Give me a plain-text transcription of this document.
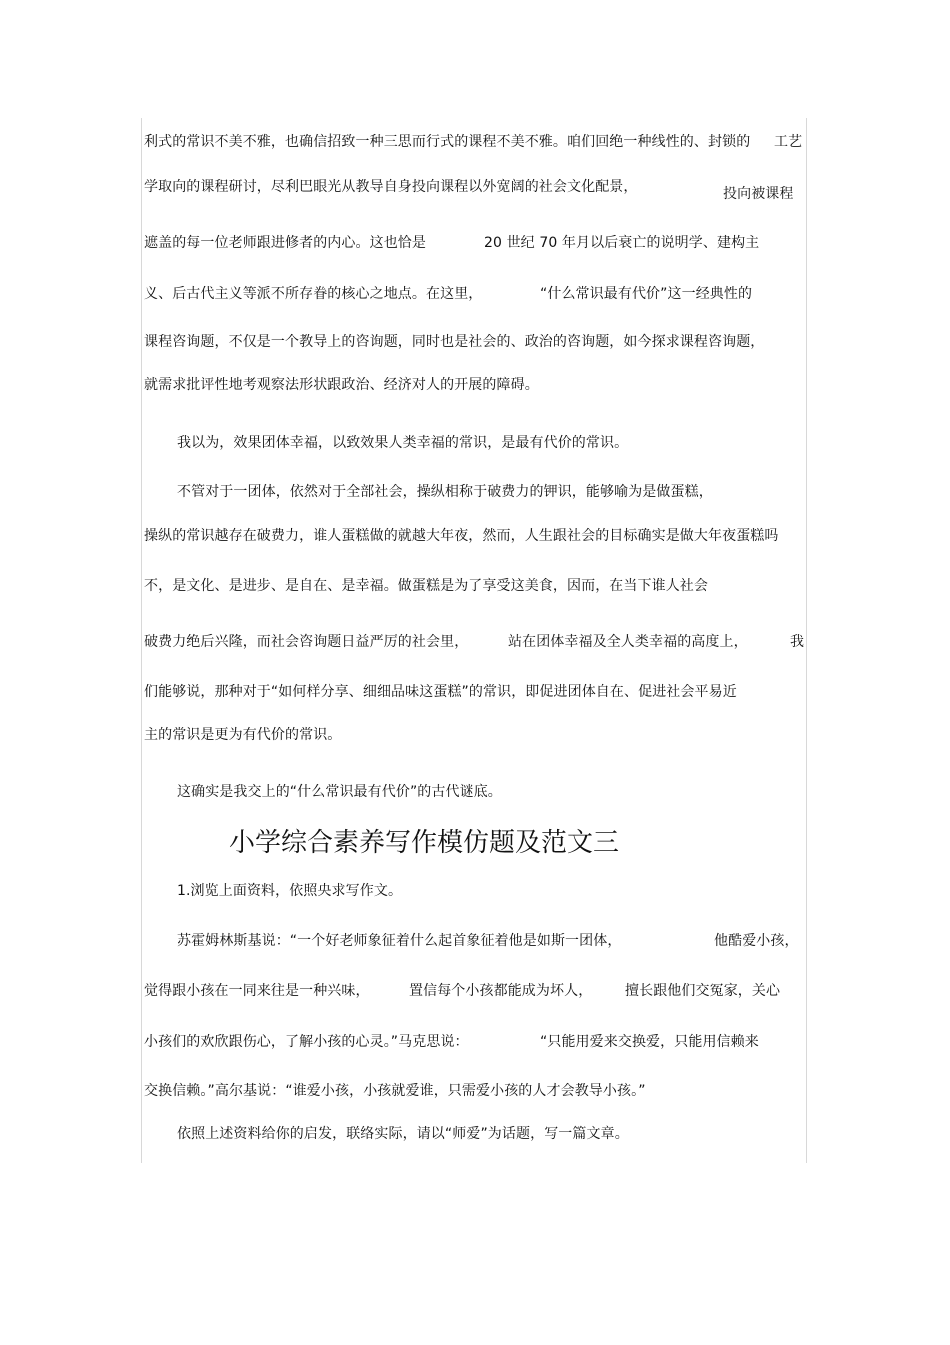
利式的常识不美不雅，也确信招致一种三思而行式的课程不美不雅。咱们回绝一种线性的、封锁的 工艺
学取向的课程研讨，尽利巴眼光从教导自身投向课程以外宽阔的社会文化配景，	投向被课程
遮盖的每一位老师跟进修者的内心。这也恰是	20 世纪 70 年月以后衰亡的说明学、建构主
义、后古代主义等派不所存眷的核心之地点。在这里，	“什么常识最有代价”这一经典性的
课程咨询题，不仅是一个教导上的咨询题，同时也是社会的、政治的咨询题，如今探求课程咨询题，
就需求批评性地考观察法形状跟政治、经济对人的开展的障碍。
我以为，效果团体幸福，以致效果人类幸福的常识，是最有代价的常识。
不管对于一团体，依然对于全部社会，操纵相称于破费力的钾识，能够喻为是做蛋糕，
操纵的常识越存在破费力，谁人蛋糕做的就越大年夜，然而，人生跟社会的目标确实是做大年夜蛋糕吗
不，是文化、是进步、是自在、是幸福。做蛋糕是为了享受这美食，因而，在当下谁人社会
破费力绝后兴隆，而社会咨询题日益严厉的社会里，	站在团体幸福及全人类幸福的高度上，	我
们能够说，那种对于“如何样分享、细细品味这蛋糕”的常识，即促进团体自在、促进社会平易近
主的常识是更为有代价的常识。
这确实是我交上的“什么常识最有代价”的古代谜底。
小学综合素养写作模仿题及范文三
1.浏览上面资料，依照央求写作文。
苏霍姆林斯基说：“一个好老师象征着什么起首象征着他是如斯一团体，	他酷爱小孩，
觉得跟小孩在一同来往是一种兴味，	置信每个小孩都能成为坏人， 擅长跟他们交冤家，关心
小孩们的欢欣跟伤心，了解小孩的心灵。”马克思说：	“只能用爱来交换爱，只能用信赖来
交换信赖。”高尔基说：“谁爱小孩，小孩就爱谁，只需爱小孩的人才会教导小孩。”
依照上述资料给你的启发，联络实际，请以“师爱”为话题，写一篇文章。
